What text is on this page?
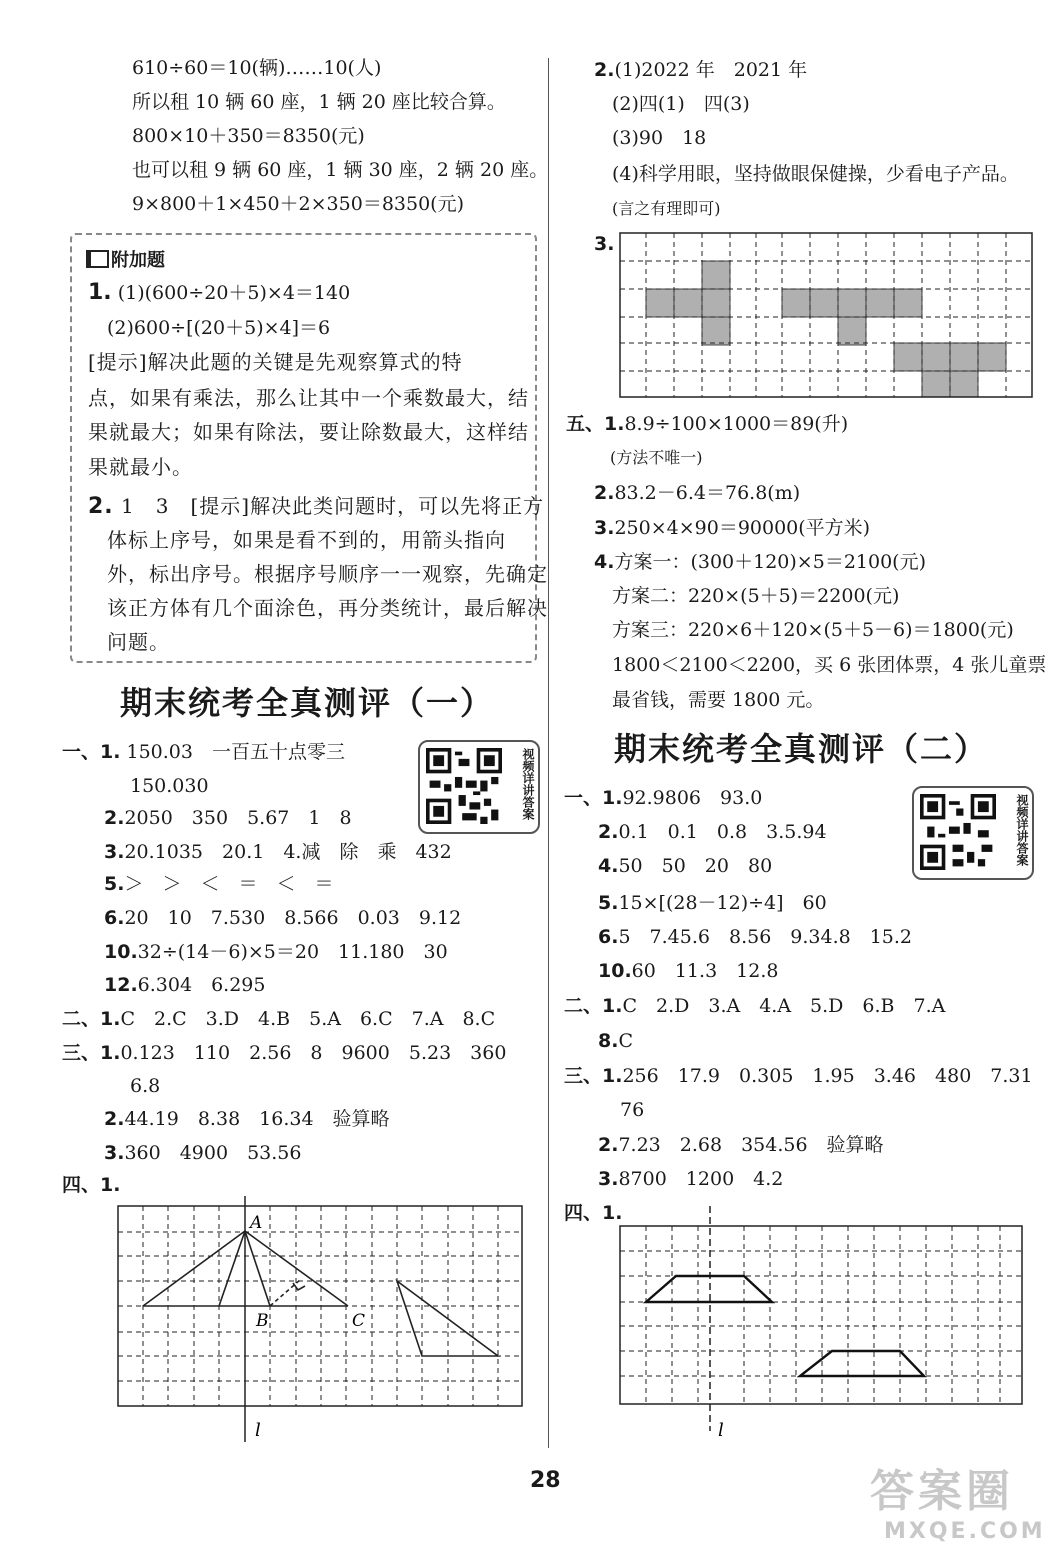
610÷60＝10(辆)……10(人)
所以租 10 辆 60 座，1 辆 20 座比较合算。
800×10＋350＝8350(元)
也可以租 9 辆 60 座，1 辆 30 座，2 辆 20 座。
9×800＋1×450＋2×350＝8350(元)
附加题
1. (1)(600÷20＋5)×4＝140
(2)600÷[(20＋5)×4]＝6
[提示]解决此题的关键是先观察算式的特
点，如果有乘法，那么让其中一个乘数最大，结
果就最大；如果有除法，要让除数最大，这样结
果就最小。
2. 1　3　[提示]解决此类问题时，可以先将正方
体标上序号，如果是看不到的，用箭头指向
外，标出序号。根据序号顺序一一观察，先确定
该正方体有几个面涂色，再分类统计，最后解决
问题。
期末统考全真测评（一）
视频详讲答案
一、1. 150.03　一百五十点零三
150.030
2.2050　350　5.67　1　8
3.20.1035　20.1　4.减　除　乘　432
5.＞　＞　＜　＝　＜　＝
6.20　10　7.530　8.566　0.03　9.12
10.32÷(14－6)×5＝20　11.180　30
12.6.304　6.295
二、1.C　2.C　3.D　4.B　5.A　6.C　7.A　8.C
三、1.0.123　110　2.56　8　9600　5.23　360
6.8
2.44.19　8.38　16.34　验算略
3.360　4900　53.56
四、1.
A
B	C
l
2.(1)2022 年　2021 年
(2)四(1)　四(3)
(3)90　18
(4)科学用眼，坚持做眼保健操，少看电子产品。
(言之有理即可)
3.
五、1.8.9÷100×1000＝89(升)
(方法不唯一)
2.83.2－6.4＝76.8(m)
3.250×4×90＝90000(平方米)
4.方案一：(300＋120)×5＝2100(元)
方案二：220×(5＋5)＝2200(元)
方案三：220×6＋120×(5＋5－6)＝1800(元)
1800＜2100＜2200，买 6 张团体票，4 张儿童票
最省钱，需要 1800 元。
期末统考全真测评（二）
视频详讲答案
一、1.92.9806　93.0
2.0.1　0.1　0.8　3.5.94
4.50　50　20　80
5.15×[(28－12)÷4]　60
6.5　7.45.6　8.56　9.34.8　15.2
10.60　11.3　12.8
二、1.C　2.D　3.A　4.A　5.D　6.B　7.A
8.C
三、1.256　17.9　0.305　1.95　3.46　480　7.31
76
2.7.23　2.68　354.56　验算略
3.8700　1200　4.2
四、1.
l
28	答案圈
MXQE.COM
